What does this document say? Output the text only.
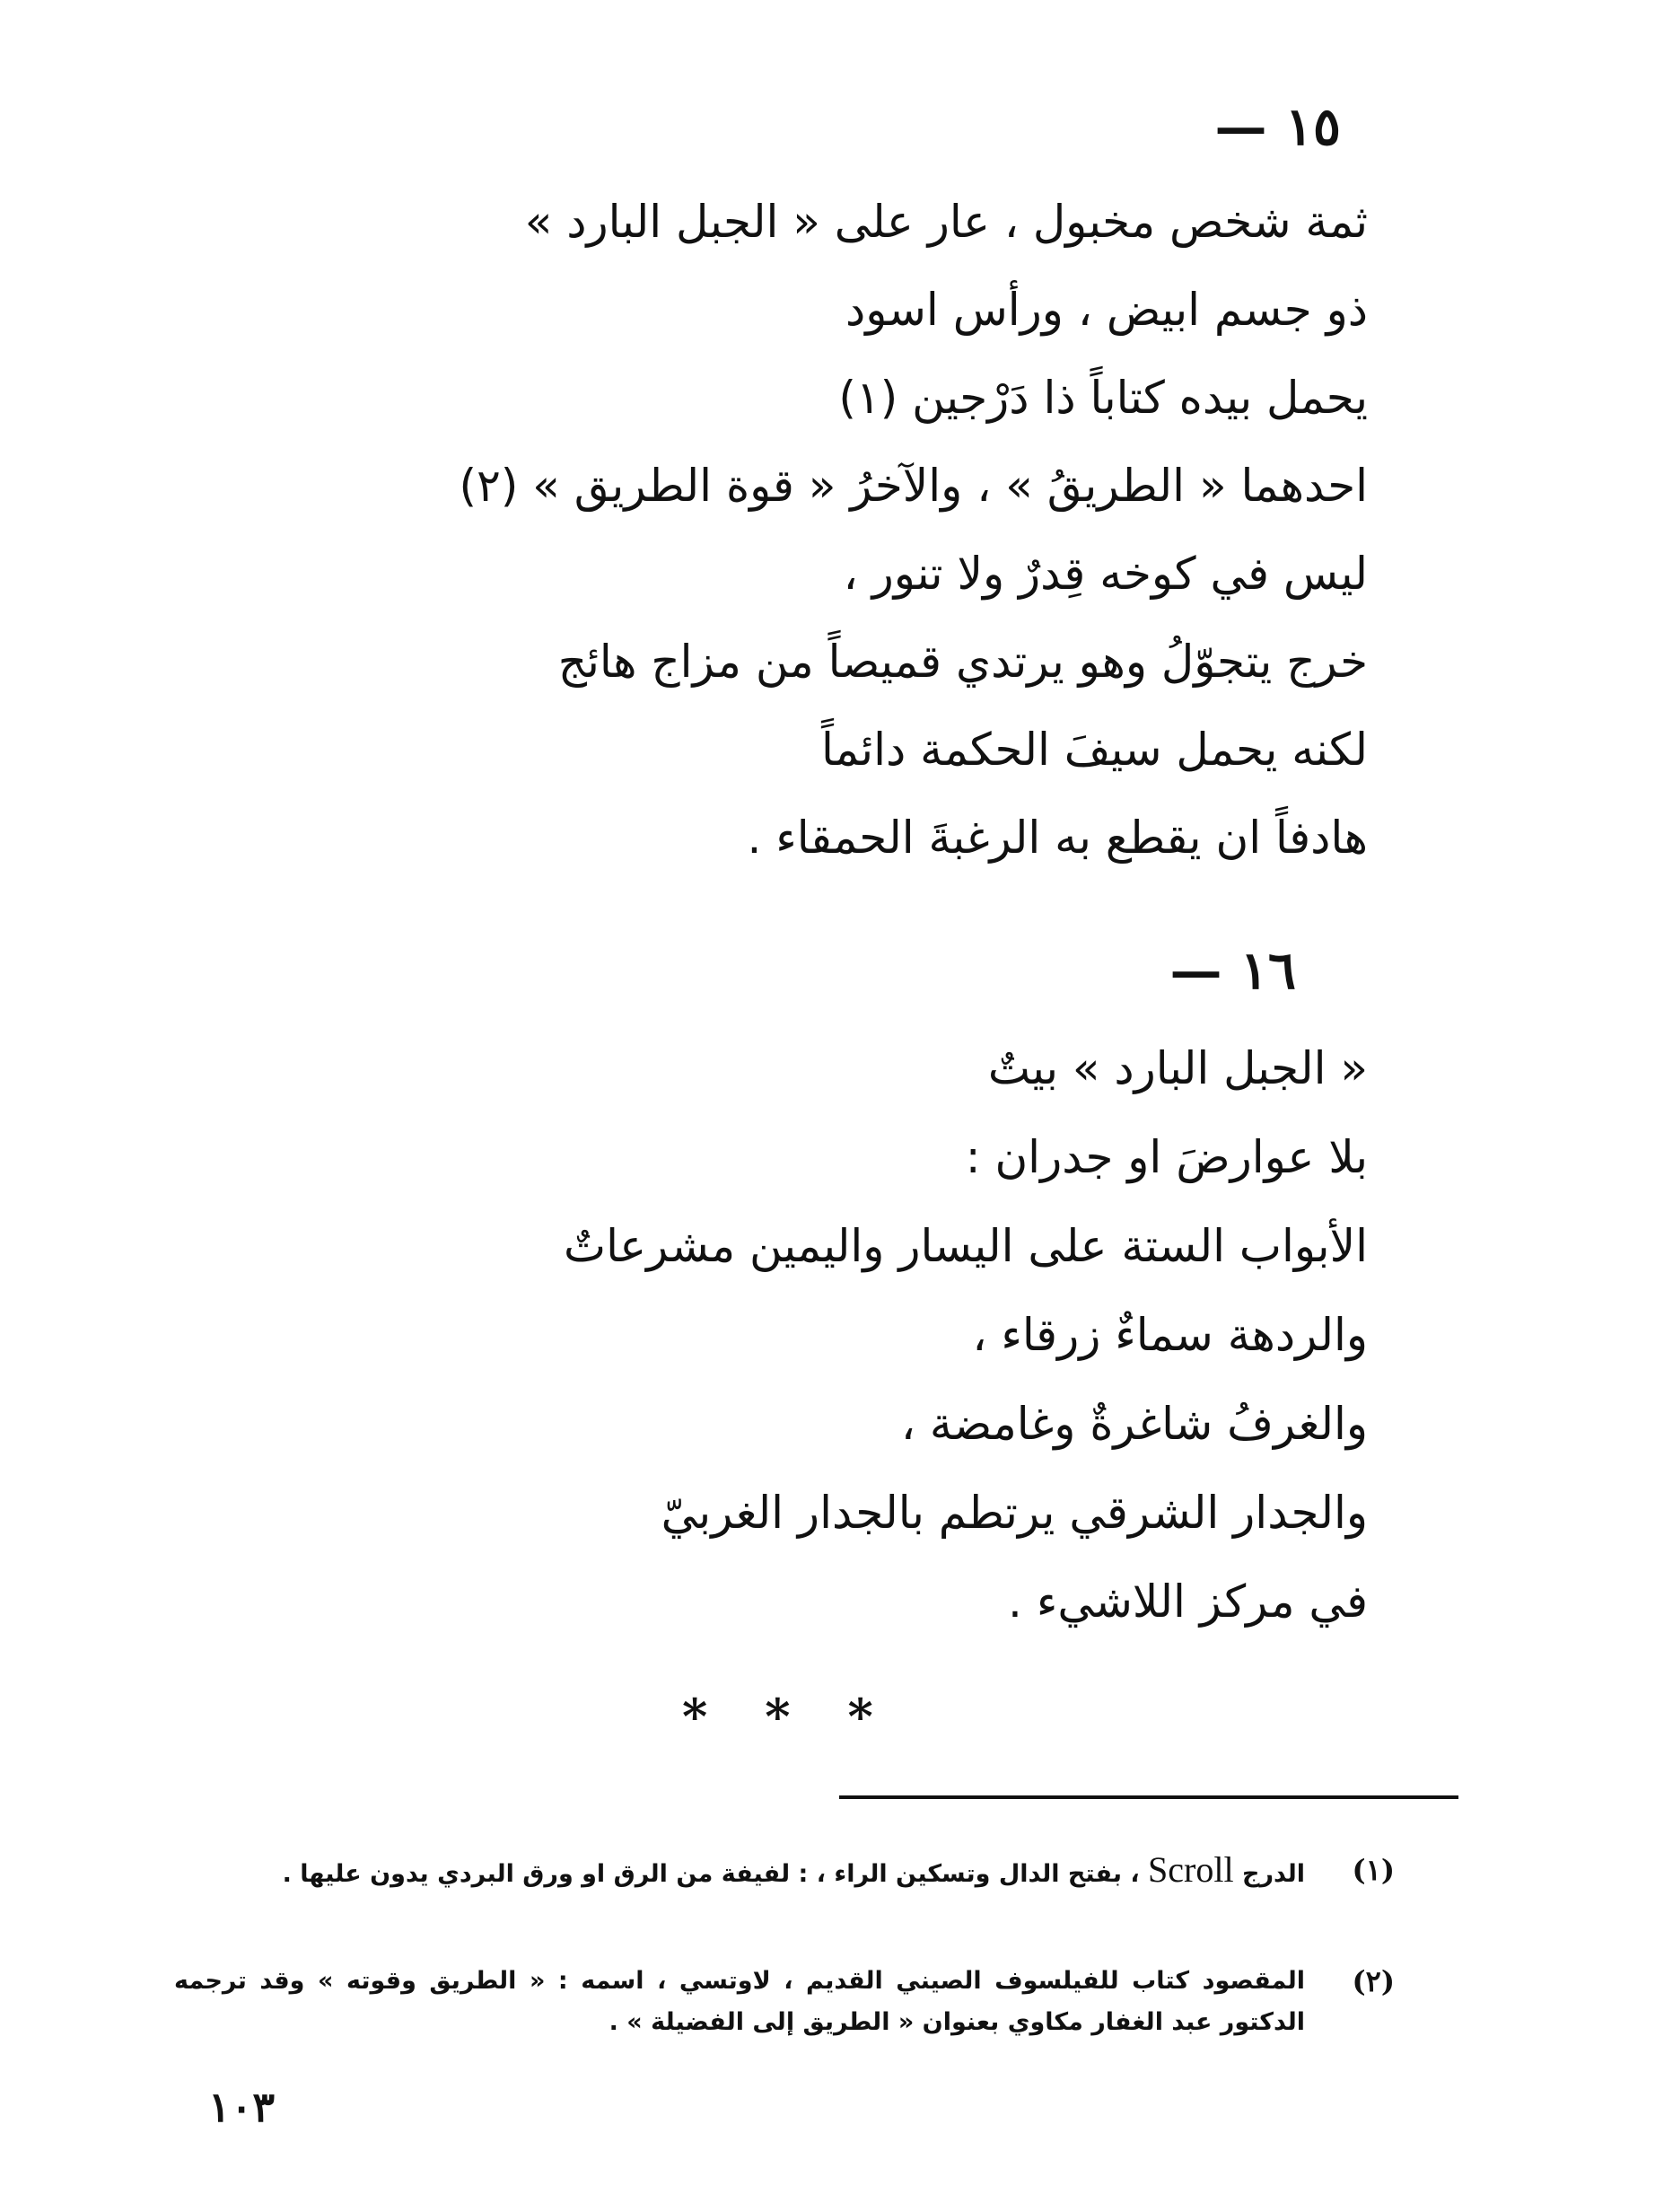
١٥ —
ثمة شخص مخبول ، عار على « الجبل البارد »
ذو جسم ابيض ، ورأس اسود
يحمل بيده كتاباً ذا دَرْجين (١)
احدهما « الطريقُ » ، والآخرُ « قوة الطريق » (٢)
ليس في كوخه قِدرٌ ولا تنور ،
خرج يتجوّلُ وهو يرتدي قميصاً من مزاج هائج
لكنه يحمل سيفَ الحكمة دائماً
هادفاً ان يقطع به الرغبةَ الحمقاء .
١٦ —
« الجبل البارد » بيتٌ
بلا عوارضَ او جدران :
الأبواب الستة على اليسار واليمين مشرعاتٌ
والردهة سماءٌ زرقاء ،
والغرفُ شاغرةٌ وغامضة ،
والجدار الشرقي يرتطم بالجدار الغربيّ
في مركز اللاشيء .
***
(١)
الدرج Scroll ، بفتح الدال وتسكين الراء ، : لفيفة من الرق او ورق البردي يدون عليها .
(٢)
المقصود كتاب للفيلسوف الصيني القديم ، لاوتسي ، اسمه : « الطريق وقوته » وقد ترجمه الدكتور عبد الغفار مكاوي بعنوان « الطريق إلى الفضيلة » .
١٠٣
